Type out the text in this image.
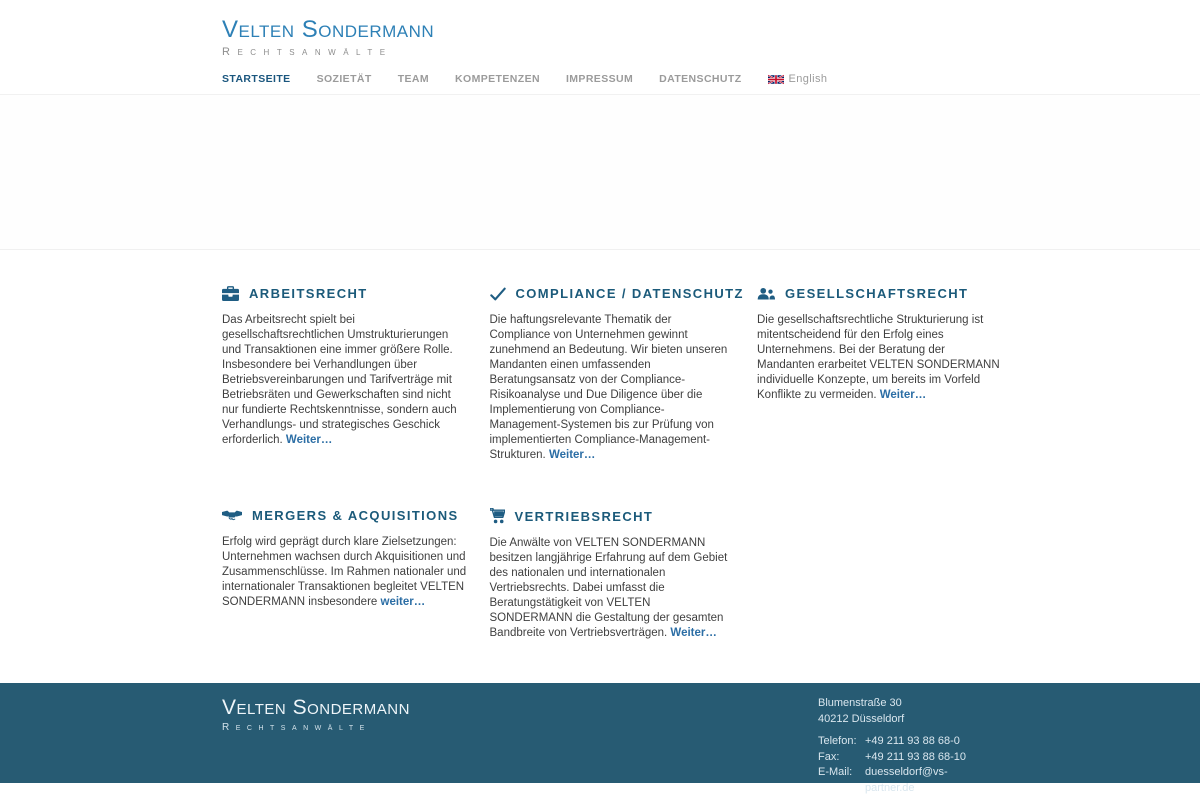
Velten Sondermann
Rechtsanwälte
STARTSEITE SOZIETÄT TEAM KOMPETENZEN IMPRESSUM DATENSCHUTZ	English
ARBEITSRECHT

Das Arbeitsrecht spielt bei gesellschaftsrechtlichen Umstrukturierungen und Transaktionen eine immer größere Rolle. Insbesondere bei Verhandlungen über Betriebsvereinbarungen und Tarifverträge mit Betriebsräten und Gewerkschaften sind nicht nur fundierte Rechtskenntnisse, sondern auch Verhandlungs- und strategisches Geschick erforderlich. Weiter…

COMPLIANCE / DATENSCHUTZ

Die haftungsrelevante Thematik der Compliance von Unternehmen gewinnt zunehmend an Bedeutung. Wir bieten unseren Mandanten einen umfassenden Beratungsansatz von der Compliance-Risikoanalyse und Due Diligence über die Implementierung von Compliance-Management-Systemen bis zur Prüfung von implementierten Compliance-Management-Strukturen. Weiter…

GESELLSCHAFTSRECHT

Die gesellschaftsrechtliche Strukturierung ist mitentscheidend für den Erfolg eines Unternehmens. Bei der Beratung der Mandanten erarbeitet VELTEN SONDERMANN individuelle Konzepte, um bereits im Vorfeld Konflikte zu vermeiden. Weiter…

MERGERS & ACQUISITIONS

Erfolg wird geprägt durch klare Zielsetzungen: Unternehmen wachsen durch Akquisitionen und Zusammenschlüsse. Im Rahmen nationaler und internationaler Transaktionen begleitet VELTEN SONDERMANN insbesondere weiter…

VERTRIEBSRECHT

Die Anwälte von VELTEN SONDERMANN besitzen langjährige Erfahrung auf dem Gebiet des nationalen und internationalen Vertriebsrechts. Dabei umfasst die Beratungstätigkeit von VELTEN SONDERMANN die Gestaltung der gesamten Bandbreite von Vertriebsverträgen. Weiter…

Velten Sondermann
Rechtsanwälte
Blumenstraße 30
40212 Düsseldorf
Telefon: +49 211 93 88 68-0
Fax:	+49 211 93 88 68-10
E-Mail:	duesseldorf@vs-partner.de
